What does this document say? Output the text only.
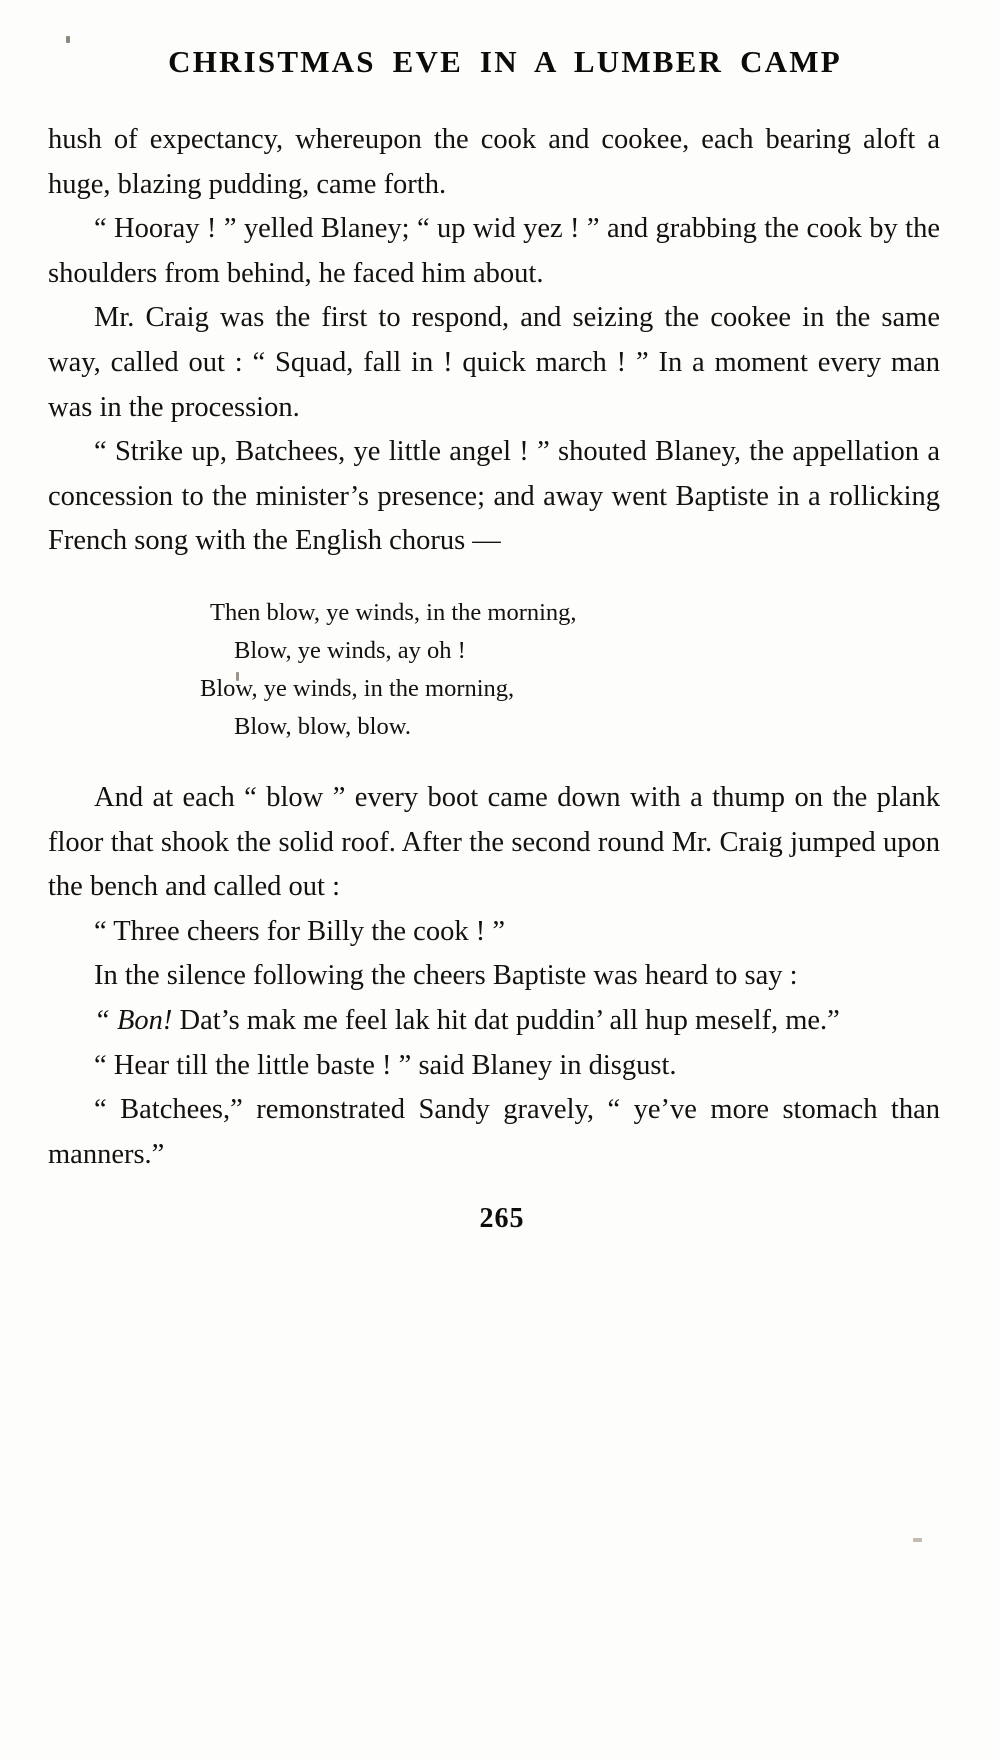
CHRISTMAS EVE IN A LUMBER CAMP

hush of expectancy, whereupon the cook and cookee, each bearing aloft a huge, blazing pudding, came forth.

“ Hooray ! ” yelled Blaney; “ up wid yez ! ” and grabbing the cook by the shoulders from behind, he faced him about.

Mr. Craig was the first to respond, and seizing the cookee in the same way, called out : “ Squad, fall in ! quick march ! ” In a moment every man was in the procession.

“ Strike up, Batchees, ye little angel ! ” shouted Blaney, the appellation a concession to the minister’s presence; and away went Baptiste in a rollicking French song with the English chorus —

Then blow, ye winds, in the morning,
Blow, ye winds, ay oh !
Blow, ye winds, in the morning,
Blow, blow, blow.

And at each “ blow ” every boot came down with a thump on the plank floor that shook the solid roof. After the second round Mr. Craig jumped upon the bench and called out :

“ Three cheers for Billy the cook ! ”

In the silence following the cheers Baptiste was heard to say :

“ Bon! Dat’s mak me feel lak hit dat puddin’ all hup meself, me.”

“ Hear till the little baste ! ” said Blaney in disgust.

“ Batchees,” remonstrated Sandy gravely, “ ye’ve more stomach than manners.”

265
